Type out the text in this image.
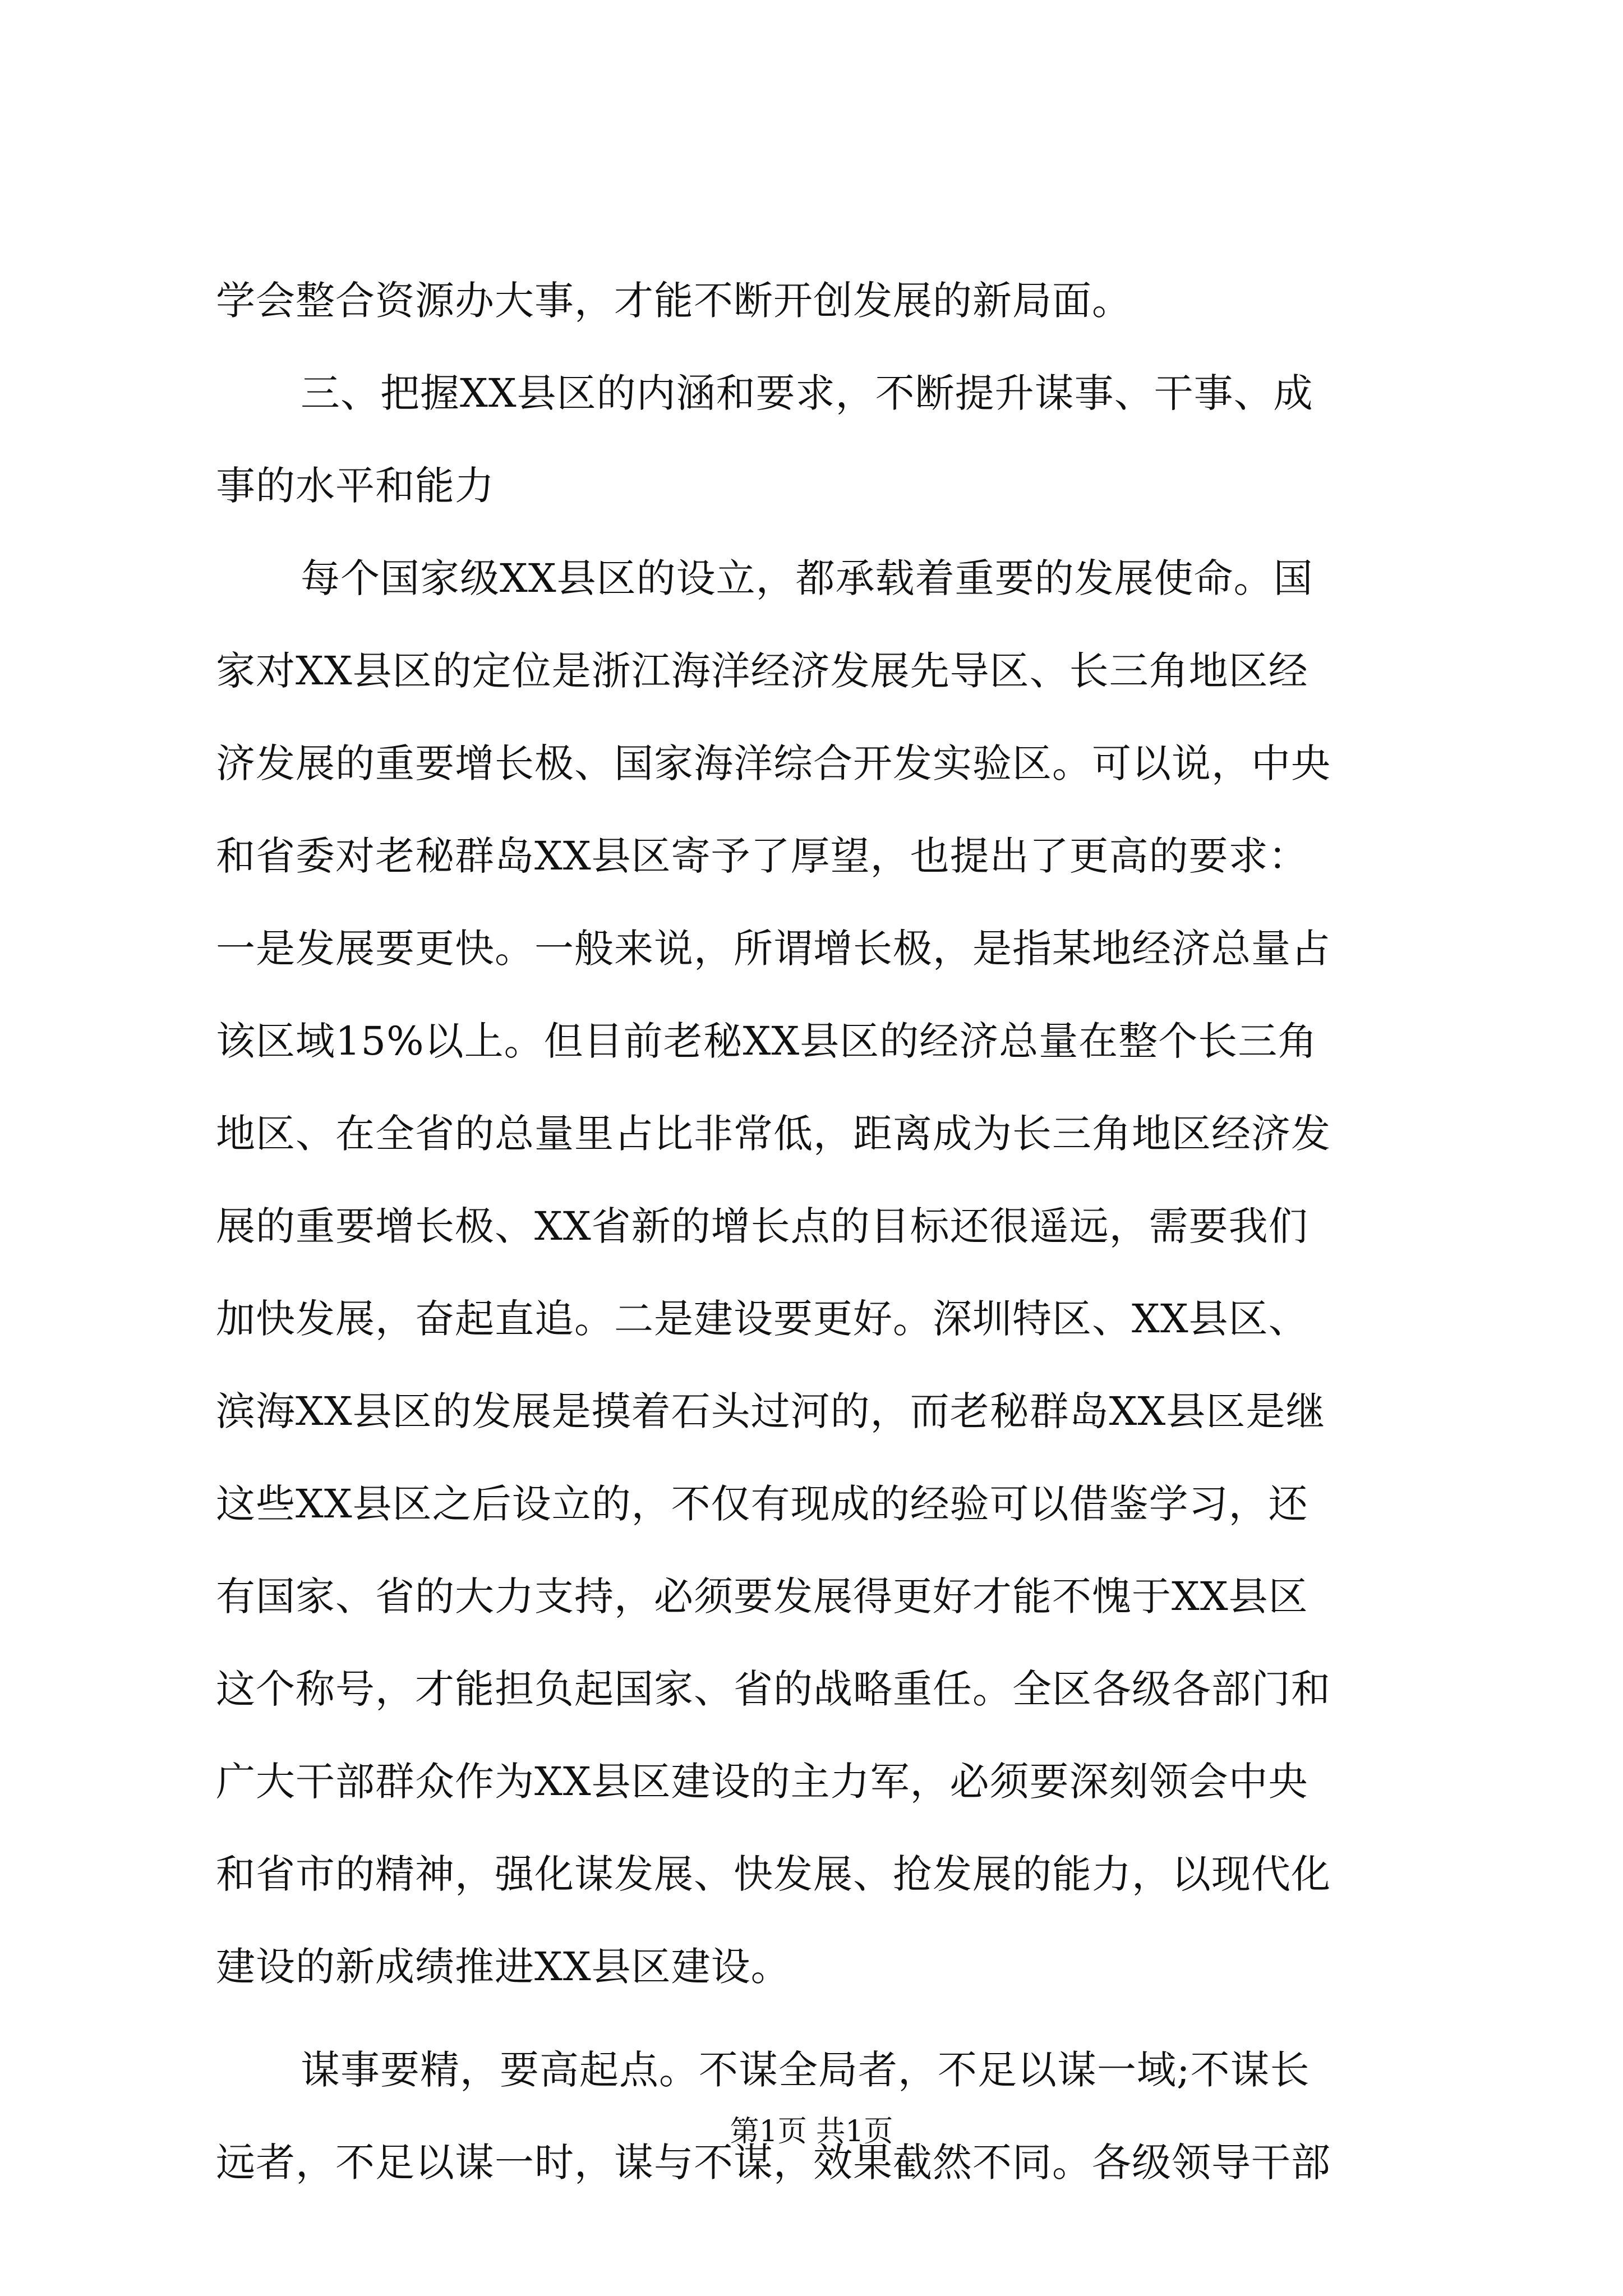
学会整合资源办大事，才能不断开创发展的新局面。
三、把握XX县区的内涵和要求，不断提升谋事、干事、成
事的水平和能力
每个国家级XX县区的设立，都承载着重要的发展使命。国
家对XX县区的定位是浙江海洋经济发展先导区、长三角地区经
济发展的重要增长极、国家海洋综合开发实验区。可以说，中央
和省委对老秘群岛XX县区寄予了厚望，也提出了更高的要求：
一是发展要更快。一般来说，所谓增长极，是指某地经济总量占
该区域15%以上。但目前老秘XX县区的经济总量在整个长三角
地区、在全省的总量里占比非常低，距离成为长三角地区经济发
展的重要增长极、XX省新的增长点的目标还很遥远，需要我们
加快发展，奋起直追。二是建设要更好。深圳特区、XX县区、
滨海XX县区的发展是摸着石头过河的，而老秘群岛XX县区是继
这些XX县区之后设立的，不仅有现成的经验可以借鉴学习，还
有国家、省的大力支持，必须要发展得更好才能不愧于XX县区
这个称号，才能担负起国家、省的战略重任。全区各级各部门和
广大干部群众作为XX县区建设的主力军，必须要深刻领会中央
和省市的精神，强化谋发展、快发展、抢发展的能力，以现代化
建设的新成绩推进XX县区建设。
谋事要精，要高起点。不谋全局者，不足以谋一域;不谋长
远者，不足以谋一时，谋与不谋，效果截然不同。各级领导干部
第1页 共1页
